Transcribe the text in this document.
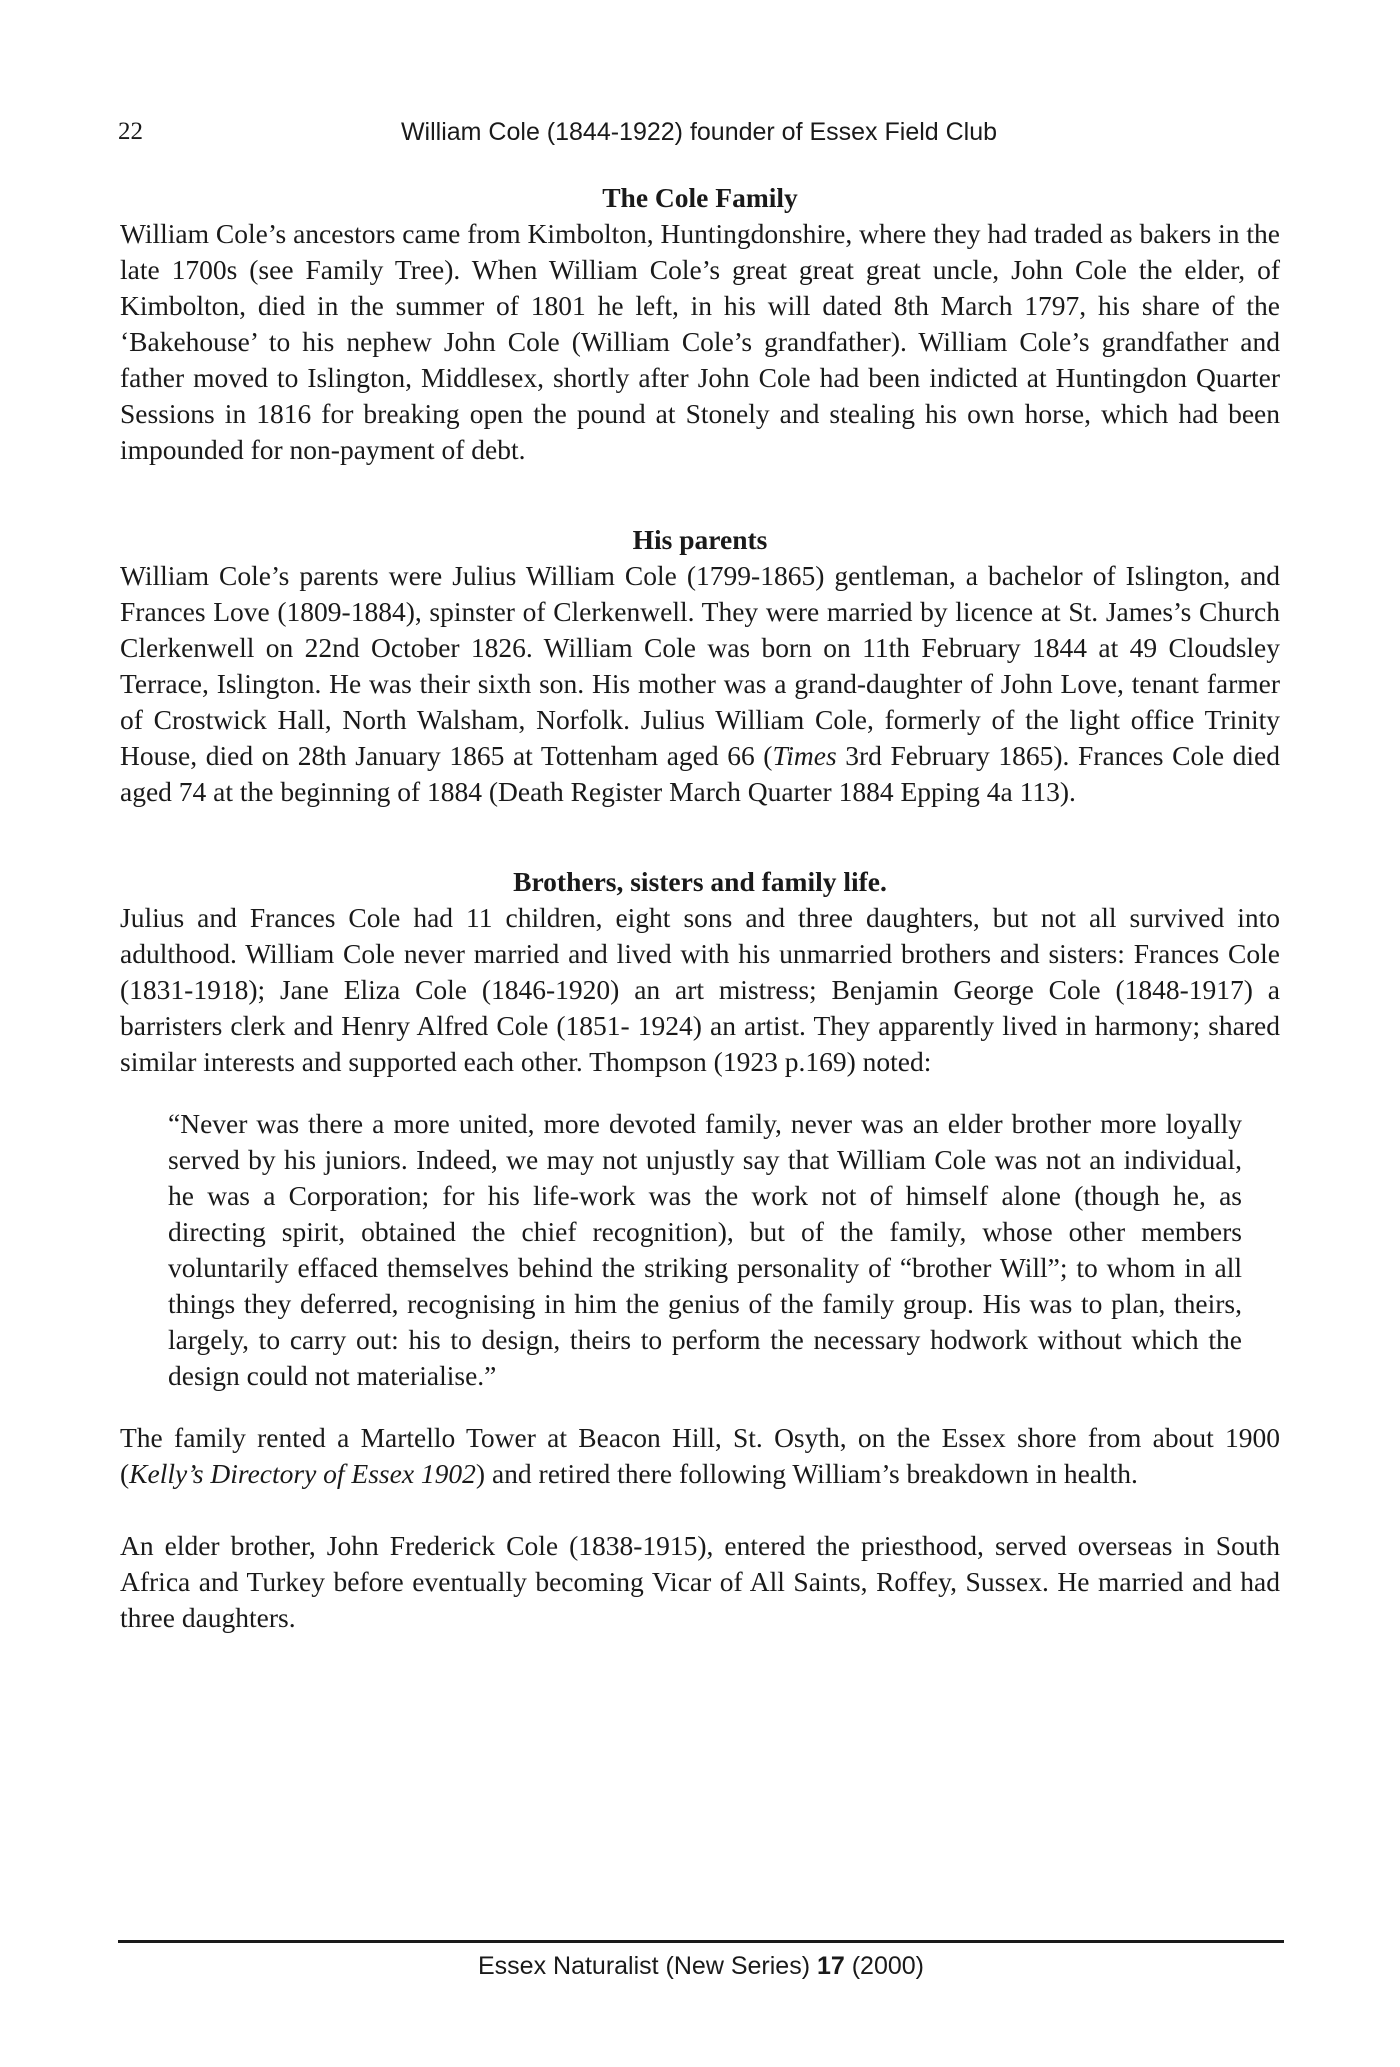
22	William Cole (1844-1922) founder of Essex Field Club
The Cole Family

William Cole’s ancestors came from Kimbolton, Huntingdonshire, where they had traded as bakers in the late 1700s (see Family Tree). When William Cole’s great great great uncle, John Cole the elder, of Kimbolton, died in the summer of 1801 he left, in his will dated 8th March 1797, his share of the ‘Bakehouse’ to his nephew John Cole (William Cole’s grandfather). William Cole’s grandfather and father moved to Islington, Middlesex, shortly after John Cole had been indicted at Huntingdon Quarter Sessions in 1816 for breaking open the pound at Stonely and stealing his own horse, which had been impounded for non-payment of debt.

His parents

William Cole’s parents were Julius William Cole (1799-1865) gentleman, a bachelor of Islington, and Frances Love (1809-1884), spinster of Clerkenwell. They were married by licence at St. James’s Church Clerkenwell on 22nd October 1826. William Cole was born on 11th February 1844 at 49 Cloudsley Terrace, Islington. He was their sixth son. His mother was a grand-daughter of John Love, tenant farmer of Crostwick Hall, North Walsham, Norfolk. Julius William Cole, formerly of the light office Trinity House, died on 28th January 1865 at Tottenham aged 66 (Times 3rd February 1865). Frances Cole died aged 74 at the beginning of 1884 (Death Register March Quarter 1884 Epping 4a 113).

Brothers, sisters and family life.

Julius and Frances Cole had 11 children, eight sons and three daughters, but not all survived into adulthood. William Cole never married and lived with his unmarried brothers and sisters: Frances Cole (1831-1918); Jane Eliza Cole (1846-1920) an art mistress; Benjamin George Cole (1848-1917) a barristers clerk and Henry Alfred Cole (1851- 1924) an artist. They apparently lived in harmony; shared similar interests and supported each other. Thompson (1923 p.169) noted:

“Never was there a more united, more devoted family, never was an elder brother more loyally served by his juniors. Indeed, we may not unjustly say that William Cole was not an individual, he was a Corporation; for his life-work was the work not of himself alone (though he, as directing spirit, obtained the chief recognition), but of the family, whose other members voluntarily effaced themselves behind the striking personality of “brother Will”; to whom in all things they deferred, recognising in him the genius of the family group. His was to plan, theirs, largely, to carry out: his to design, theirs to perform the necessary hodwork without which the design could not materialise.”

The family rented a Martello Tower at Beacon Hill, St. Osyth, on the Essex shore from about 1900 (Kelly’s Directory of Essex 1902) and retired there following William’s breakdown in health.

An elder brother, John Frederick Cole (1838-1915), entered the priesthood, served overseas in South Africa and Turkey before eventually becoming Vicar of All Saints, Roffey, Sussex. He married and had three daughters.

Essex Naturalist (New Series) 17 (2000)
